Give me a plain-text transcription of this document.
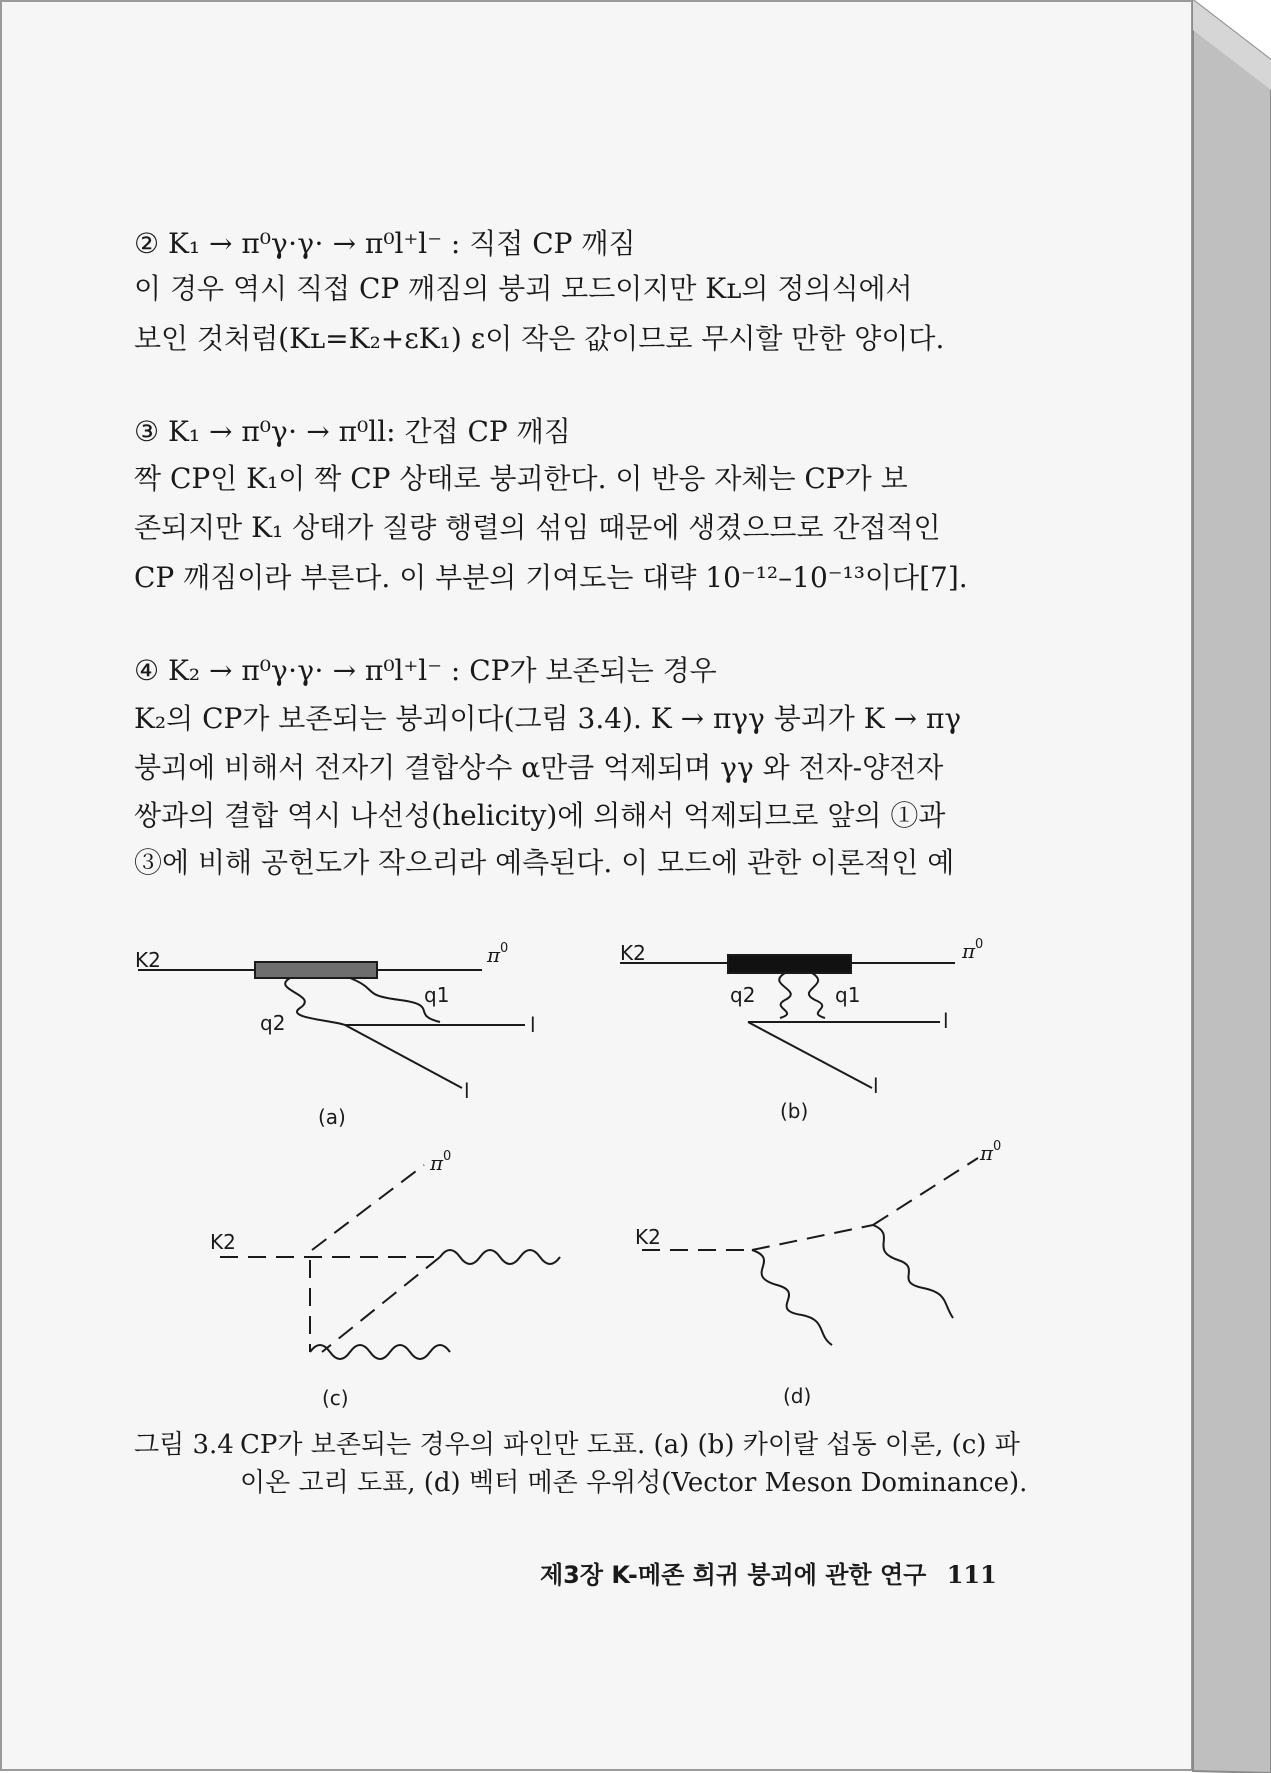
② K₁ → π⁰γ⋅γ⋅ → π⁰l⁺l⁻ : 직접 CP 깨짐
이 경우 역시 직접 CP 깨짐의 붕괴 모드이지만 Kʟ의 정의식에서
보인 것처럼(Kʟ=K₂+εK₁) ε이 작은 값이므로 무시할 만한 양이다.
③ K₁ → π⁰γ⋅ → π⁰ll: 간접 CP 깨짐
짝 CP인 K₁이 짝 CP 상태로 붕괴한다. 이 반응 자체는 CP가 보
존되지만 K₁ 상태가 질량 행렬의 섞임 때문에 생겼으므로 간접적인
CP 깨짐이라 부른다. 이 부분의 기여도는 대략 10⁻¹²–10⁻¹³이다[7].
④ K₂ → π⁰γ⋅γ⋅ → π⁰l⁺l⁻ : CP가 보존되는 경우
K₂의 CP가 보존되는 붕괴이다(그림 3.4). K → πγγ 붕괴가 K → πγ
붕괴에 비해서 전자기 결합상수 α만큼 억제되며 γγ 와 전자-양전자
쌍과의 결합 역시 나선성(helicity)에 의해서 억제되므로 앞의 ①과
③에 비해 공헌도가 작으리라 예측된다. 이 모드에 관한 이론적인 예
K2	π 0
q1
q2	l
l
(a)
K2	π 0
q1
q2
l
l
(b)
K2
π 0
(c)
K2
π 0
(d)
그림 3.4 CP가 보존되는 경우의 파인만 도표. (a) (b) 카이랄 섭동 이론, (c) 파
이온 고리 도표, (d) 벡터 메존 우위성(Vector Meson Dominance).
제3장 K-메존 희귀 붕괴에 관한 연구 111
